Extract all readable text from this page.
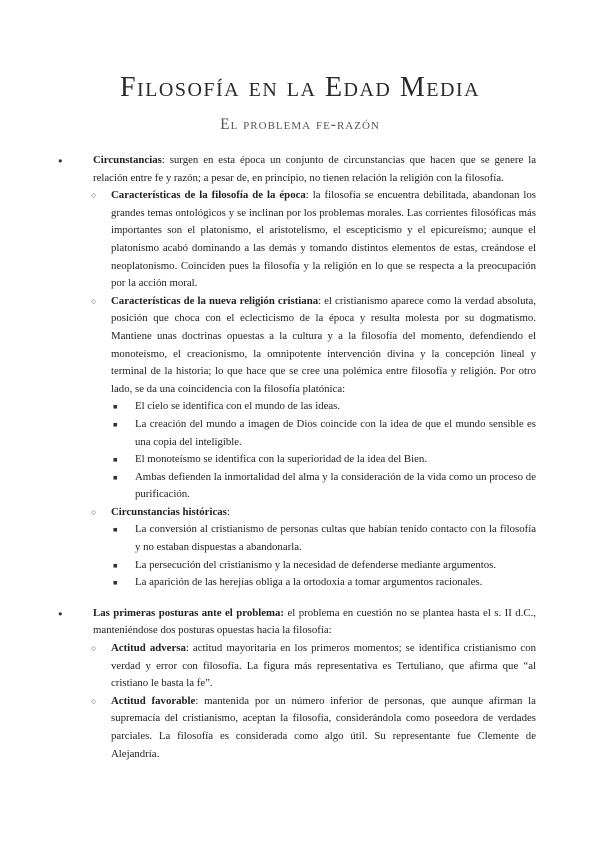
Filosofía en la Edad Media
El problema fe-razón
● Circunstancias: surgen en esta época un conjunto de circunstancias que hacen que se genere la relación entre fe y razón; a pesar de, en principio, no tienen relación la religión con la filosofía.
○ Características de la filosofía de la época: la filosofía se encuentra debilitada, abandonan los grandes temas ontológicos y se inclinan por los problemas morales. Las corrientes filosóficas más importantes son el platonismo, el aristotelismo, el escepticismo y el epicureísmo; aunque el platonismo acabó dominando a las demás y tomando distintos elementos de estas, creándose el neoplatonismo. Coinciden pues la filosofía y la religión en lo que se respecta a la preocupación por la acción moral.
○ Características de la nueva religión cristiana: el cristianismo aparece como la verdad absoluta, posición que choca con el eclecticismo de la época y resulta molesta por su dogmatismo. Mantiene unas doctrinas opuestas a la cultura y a la filosofía del momento, defendiendo el monoteísmo, el creacionismo, la omnipotente intervención divina y la concepción lineal y terminal de la historia; lo que hace que se cree una polémica entre filosofía y religión. Por otro lado, se da una coincidencia con la filosofía platónica:
■ El cielo se identifica con el mundo de las ideas.
■ La creación del mundo a imagen de Dios coincide con la idea de que el mundo sensible es una copia del inteligible.
■ El monoteísmo se identifica con la superioridad de la idea del Bien.
■ Ambas defienden la inmortalidad del alma y la consideración de la vida como un proceso de purificación.
○ Circunstancias históricas:
■ La conversión al cristianismo de personas cultas que habían tenido contacto con la filosofía y no estaban dispuestas a abandonarla.
■ La persecución del cristianismo y la necesidad de defenderse mediante argumentos.
■ La aparición de las herejías obliga a la ortodoxia a tomar argumentos racionales.
● Las primeras posturas ante el problema: el problema en cuestión no se plantea hasta el s. II d.C., manteniéndose dos posturas opuestas hacia la filosofía:
○ Actitud adversa: actitud mayoritaria en los primeros momentos; se identifica cristianismo con verdad y error con filosofía. La figura más representativa es Tertuliano, que afirma que “al cristiano le basta la fe”.
○ Actitud favorable: mantenida por un número inferior de personas, que aunque afirman la supremacía del cristianismo, aceptan la filosofía, considerándola como poseedora de verdades parciales. La filosofía es considerada como algo útil. Su representante fue Clemente de Alejandría.
